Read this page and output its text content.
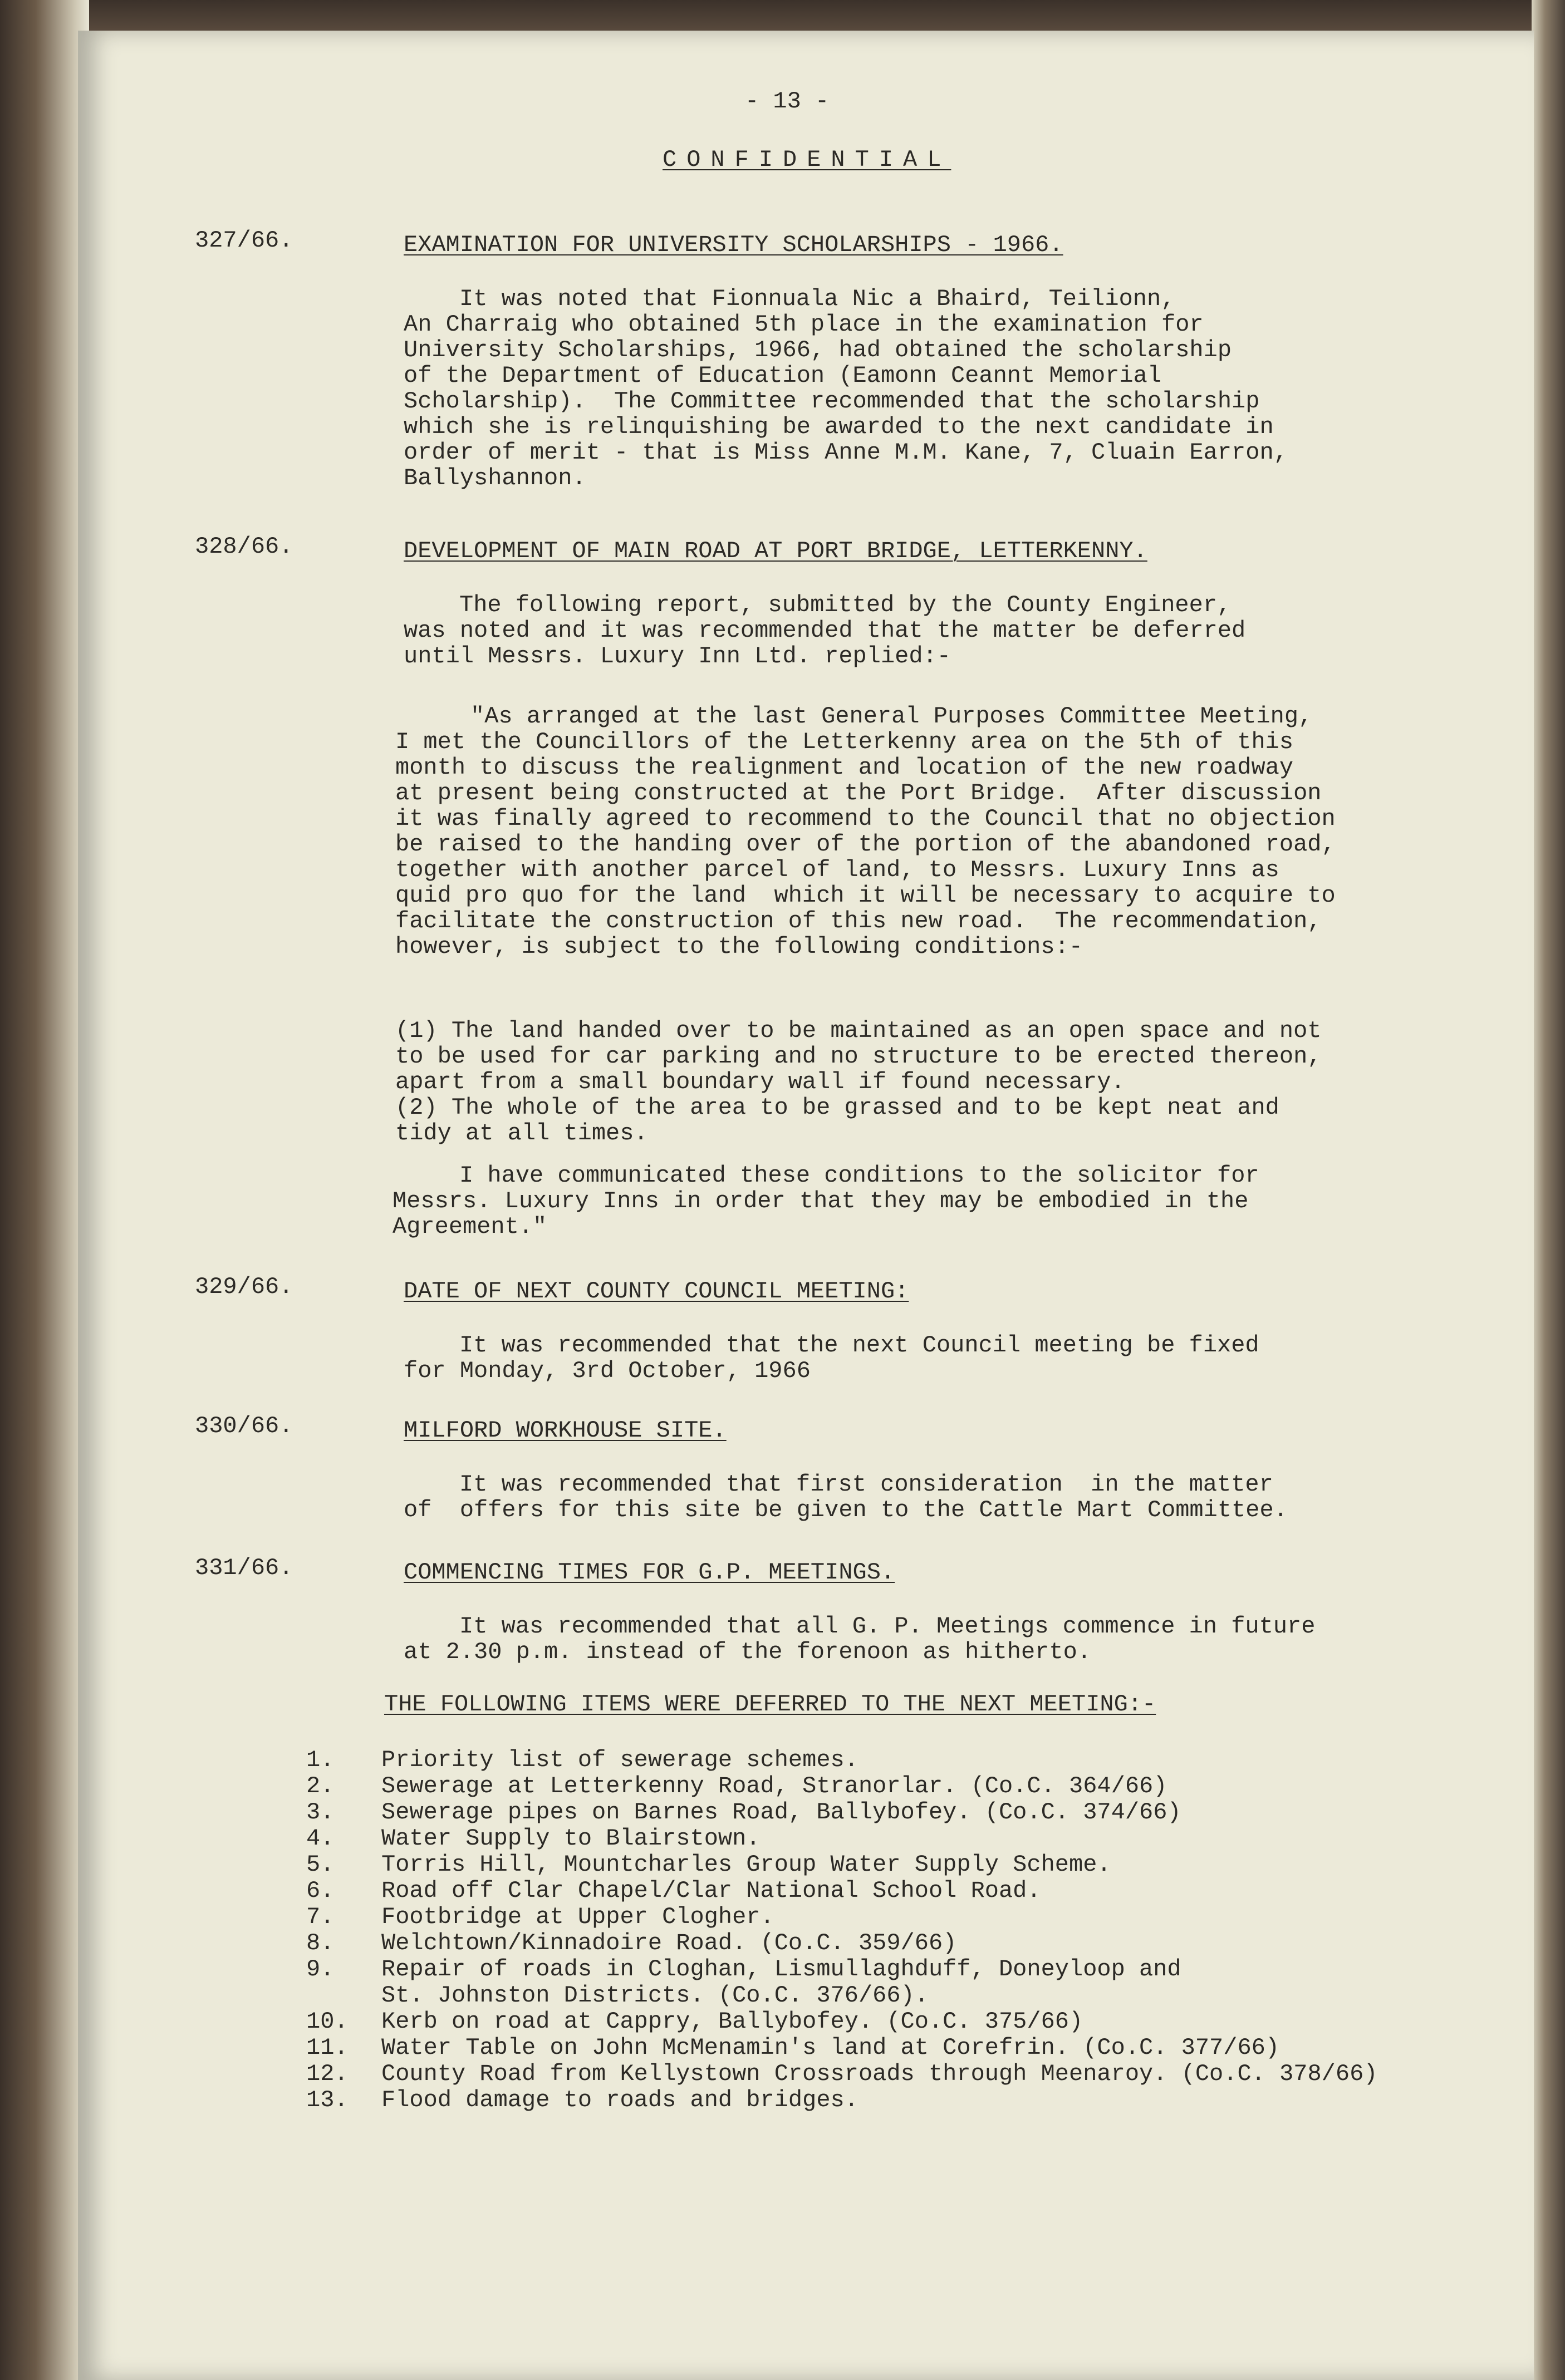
- 13 -
CONFIDENTIAL
327/66.	EXAMINATION FOR UNIVERSITY SCHOLARSHIPS - 1966.
It was noted that Fionnuala Nic a Bhaird, Teilionn,
An Charraig who obtained 5th place in the examination for
University Scholarships, 1966, had obtained the scholarship
of the Department of Education (Eamonn Ceannt Memorial
Scholarship).  The Committee recommended that the scholarship
which she is relinquishing be awarded to the next candidate in
order of merit - that is Miss Anne M.M. Kane, 7, Cluain Earron,
Ballyshannon.
328/66.	DEVELOPMENT OF MAIN ROAD AT PORT BRIDGE, LETTERKENNY.
The following report, submitted by the County Engineer,
was noted and it was recommended that the matter be deferred
until Messrs. Luxury Inn Ltd. replied:-
"As arranged at the last General Purposes Committee Meeting,
I met the Councillors of the Letterkenny area on the 5th of this
month to discuss the realignment and location of the new roadway
at present being constructed at the Port Bridge.  After discussion
it was finally agreed to recommend to the Council that no objection
be raised to the handing over of the portion of the abandoned road,
together with another parcel of land, to Messrs. Luxury Inns as
quid pro quo for the land  which it will be necessary to acquire to
facilitate the construction of this new road.  The recommendation,
however, is subject to the following conditions:-
(1) The land handed over to be maintained as an open space and not
to be used for car parking and no structure to be erected thereon,
apart from a small boundary wall if found necessary.
(2) The whole of the area to be grassed and to be kept neat and
tidy at all times.
I have communicated these conditions to the solicitor for
Messrs. Luxury Inns in order that they may be embodied in the
Agreement."
329/66.	DATE OF NEXT COUNTY COUNCIL MEETING:
It was recommended that the next Council meeting be fixed
for Monday, 3rd October, 1966
330/66.	MILFORD WORKHOUSE SITE.
It was recommended that first consideration  in the matter
of  offers for this site be given to the Cattle Mart Committee.
331/66.	COMMENCING TIMES FOR G.P. MEETINGS.
It was recommended that all G. P. Meetings commence in future
at 2.30 p.m. instead of the forenoon as hitherto.
THE FOLLOWING ITEMS WERE DEFERRED TO THE NEXT MEETING:-
1. Priority list of sewerage schemes.
2. Sewerage at Letterkenny Road, Stranorlar. (Co.C. 364/66)
3. Sewerage pipes on Barnes Road, Ballybofey. (Co.C. 374/66)
4. Water Supply to Blairstown.
5. Torris Hill, Mountcharles Group Water Supply Scheme.
6. Road off Clar Chapel/Clar National School Road.
7. Footbridge at Upper Clogher.
8. Welchtown/Kinnadoire Road. (Co.C. 359/66)
9. Repair of roads in Cloghan, Lismullaghduff, Doneyloop and
St. Johnston Districts. (Co.C. 376/66).
10. Kerb on road at Cappry, Ballybofey. (Co.C. 375/66)
11. Water Table on John McMenamin's land at Corefrin. (Co.C. 377/66)
12. County Road from Kellystown Crossroads through Meenaroy. (Co.C. 378/66)
13. Flood damage to roads and bridges.
